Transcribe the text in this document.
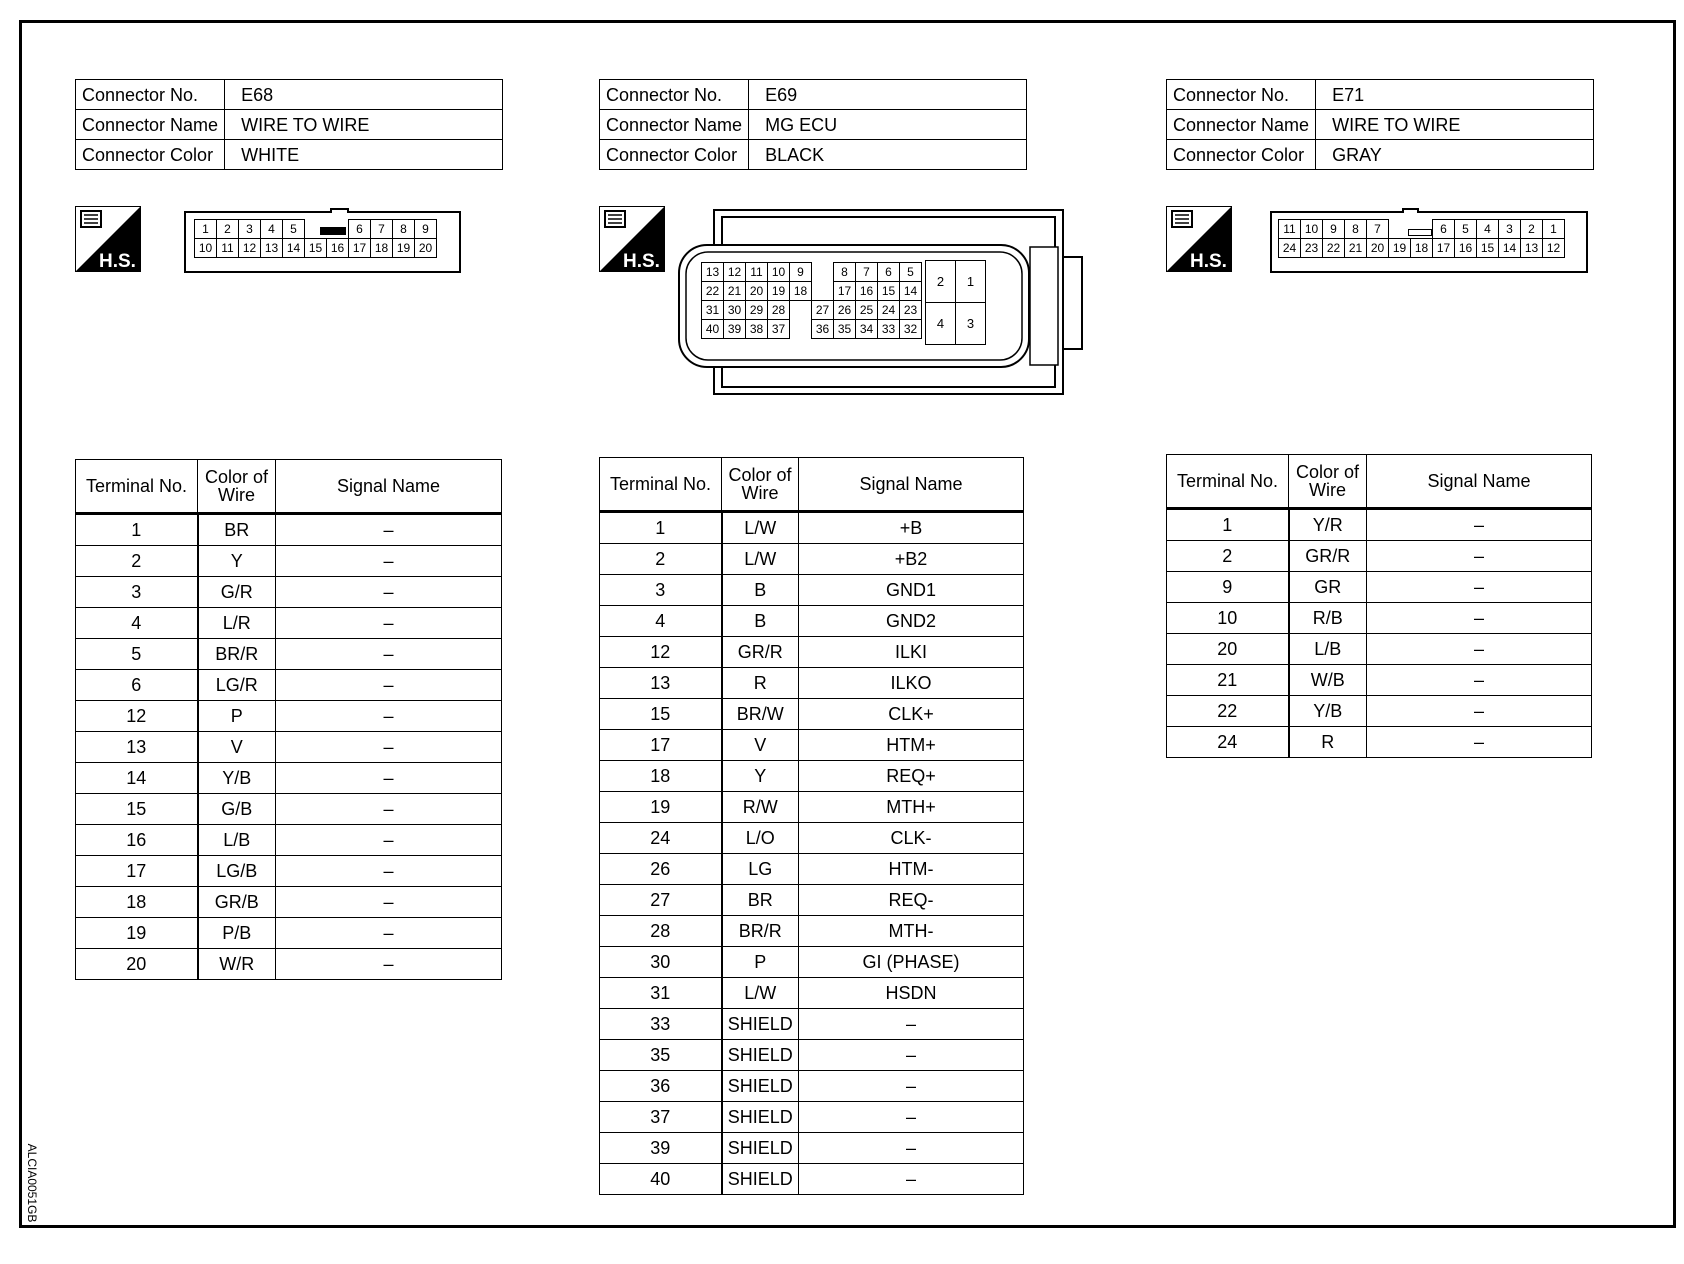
ALCIA0051GB
Connector No.	E68
Connector Name	WIRE TO WIRE
Connector Color	WHITE
Connector No.	E69
Connector Name	MG ECU
Connector Color	BLACK
Connector No.	E71
Connector Name	WIRE TO WIRE
Connector Color	GRAY
H.S.	H.S.	H.S.
1	2	3	4	5	6	7	8	9
10 11 12 13 14 15 16 17 18 19 20
13 12 11 10 9	8	7	6	5
22 21 20 19 18	17 16 15 14
31 30 29 28	27 26 25 24 23
40 39 38 37	36 35 34 33 32
2	1
4	3
11 10 9	8	7	6	5	4	3	2	1
24 23 22 21 20 19 18 17 16 15 14 13 12
Terminal No.	Color of Wire	Signal Name
1	BR	–
2	Y	–
3	G/R	–
4	L/R	–
5	BR/R	–
6	LG/R	–
12	P	–
13	V	–
14	Y/B	–
15	G/B	–
16	L/B	–
17	LG/B	–
18	GR/B	–
19	P/B	–
20	W/R	–
Terminal No.	Color of Wire	Signal Name
1	L/W	+B
2	L/W	+B2
3	B	GND1
4	B	GND2
12	GR/R	ILKI
13	R	ILKO
15	BR/W	CLK+
17	V	HTM+
18	Y	REQ+
19	R/W	MTH+
24	L/O	CLK-
26	LG	HTM-
27	BR	REQ-
28	BR/R	MTH-
30	P	GI (PHASE)
31	L/W	HSDN
33	SHIELD	–
35	SHIELD	–
36	SHIELD	–
37	SHIELD	–
39	SHIELD	–
40	SHIELD	–
Terminal No.	Color of Wire	Signal Name
1	Y/R	–
2	GR/R	–
9	GR	–
10	R/B	–
20	L/B	–
21	W/B	–
22	Y/B	–
24	R	–
